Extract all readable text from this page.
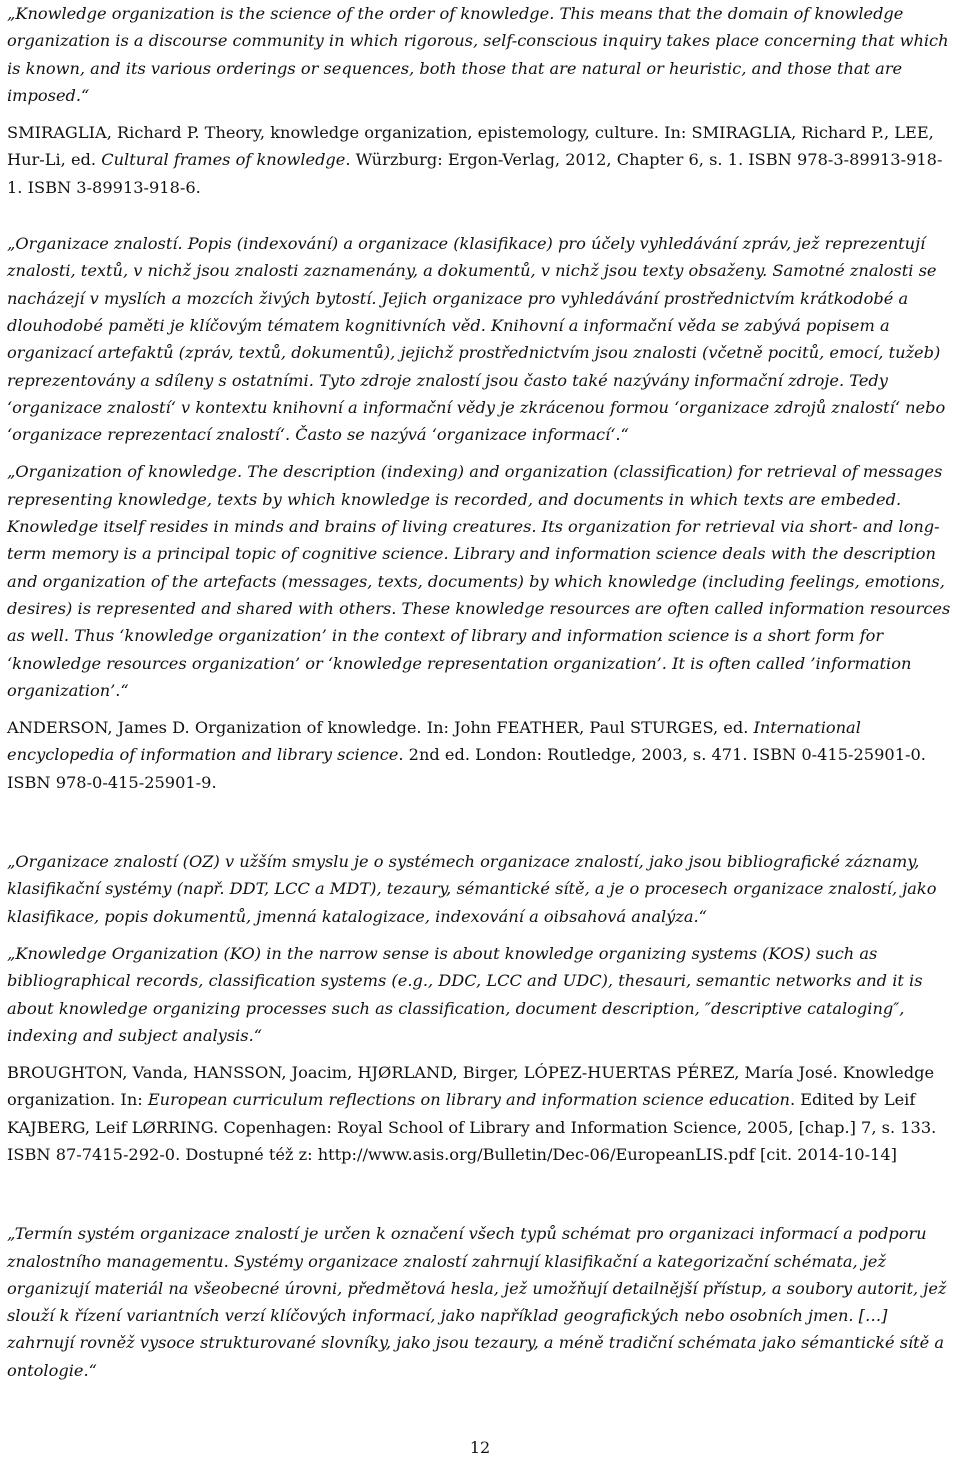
„Knowledge organization is the science of the order of knowledge. This means that the domain of knowledge organization is a discourse community in which rigorous, self-conscious inquiry takes place concerning that which is known, and its various orderings or sequences, both those that are natural or heuristic, and those that are imposed.“

SMIRAGLIA, Richard P. Theory, knowledge organization, epistemology, culture. In: SMIRAGLIA, Richard P., LEE, Hur-Li, ed. Cultural frames of knowledge. Würzburg: Ergon-Verlag, 2012, Chapter 6, s. 1. ISBN 978-3-89913-918-1. ISBN 3-89913-918-6.

„Organizace znalostí. Popis (indexování) a organizace (klasifikace) pro účely vyhledávání zpráv, jež reprezentují znalosti, textů, v nichž jsou znalosti zaznamenány, a dokumentů, v nichž jsou texty obsaženy. Samotné znalosti se nacházejí v myslích a mozcích živých bytostí. Jejich organizace pro vyhledávání prostřednictvím krátkodobé a dlouhodobé paměti je klíčovým tématem kognitivních věd. Knihovní a informační věda se zabývá popisem a organizací artefaktů (zpráv, textů, dokumentů), jejichž prostřednictvím jsou znalosti (včetně pocitů, emocí, tužeb) reprezentovány a sdíleny s ostatními. Tyto zdroje znalostí jsou často také nazývány informační zdroje. Tedy ‘organizace znalostí‘ v kontextu knihovní a informační vědy je zkrácenou formou ‘organizace zdrojů znalostí‘ nebo ‘organizace reprezentací znalostí‘. Často se nazývá ‘organizace informací‘.“

„Organization of knowledge. The description (indexing) and organization (classification) for retrieval of messages representing knowledge, texts by which knowledge is recorded, and documents in which texts are embeded. Knowledge itself resides in minds and brains of living creatures. Its organization for retrieval via short- and long-term memory is a principal topic of cognitive science. Library and information science deals with the description and organization of the artefacts (messages, texts, documents) by which knowledge (including feelings, emotions, desires) is represented and shared with others. These knowledge resources are often called information resources as well. Thus ‘knowledge organization’ in the context of library and information science is a short form for ‘knowledge resources organization’ or ‘knowledge representation organization’. It is often called ’information organization’.“

ANDERSON, James D. Organization of knowledge. In: John FEATHER, Paul STURGES, ed. International encyclopedia of information and library science. 2nd ed. London: Routledge, 2003, s. 471. ISBN 0-415-25901-0. ISBN 978-0-415-25901-9.

„Organizace znalostí (OZ) v užším smyslu je o systémech organizace znalostí, jako jsou bibliografické záznamy, klasifikační systémy (např. DDT, LCC a MDT), tezaury, sémantické sítě, a je o procesech organizace znalostí, jako klasifikace, popis dokumentů, jmenná katalogizace, indexování a oibsahová analýza.“

„Knowledge Organization (KO) in the narrow sense is about knowledge organizing systems (KOS) such as bibliographical records, classification systems (e.g., DDC, LCC and UDC), thesauri, semantic networks and it is about knowledge organizing processes such as classification, document description, ″descriptive cataloging″, indexing and subject analysis.“

BROUGHTON, Vanda, HANSSON, Joacim, HJØRLAND, Birger, LÓPEZ-HUERTAS PÉREZ, María José. Knowledge organization. In: European curriculum reflections on library and information science education. Edited by Leif KAJBERG, Leif LØRRING. Copenhagen: Royal School of Library and Information Science, 2005, [chap.] 7, s. 133. ISBN 87-7415-292-0. Dostupné též z: http://www.asis.org/Bulletin/Dec-06/EuropeanLIS.pdf [cit. 2014-10-14]

„Termín systém organizace znalostí je určen k označení všech typů schémat pro organizaci informací a podporu znalostního managementu. Systémy organizace znalostí zahrnují klasifikační a kategorizační schémata, jež organizují materiál na všeobecné úrovni, předmětová hesla, jež umožňují detailnější přístup, a soubory autorit, jež slouží k řízení variantních verzí klíčových informací, jako například geografických nebo osobních jmen. […] zahrnují rovněž vysoce strukturované slovníky, jako jsou tezaury, a méně tradiční schémata jako sémantické sítě a ontologie.“

12
